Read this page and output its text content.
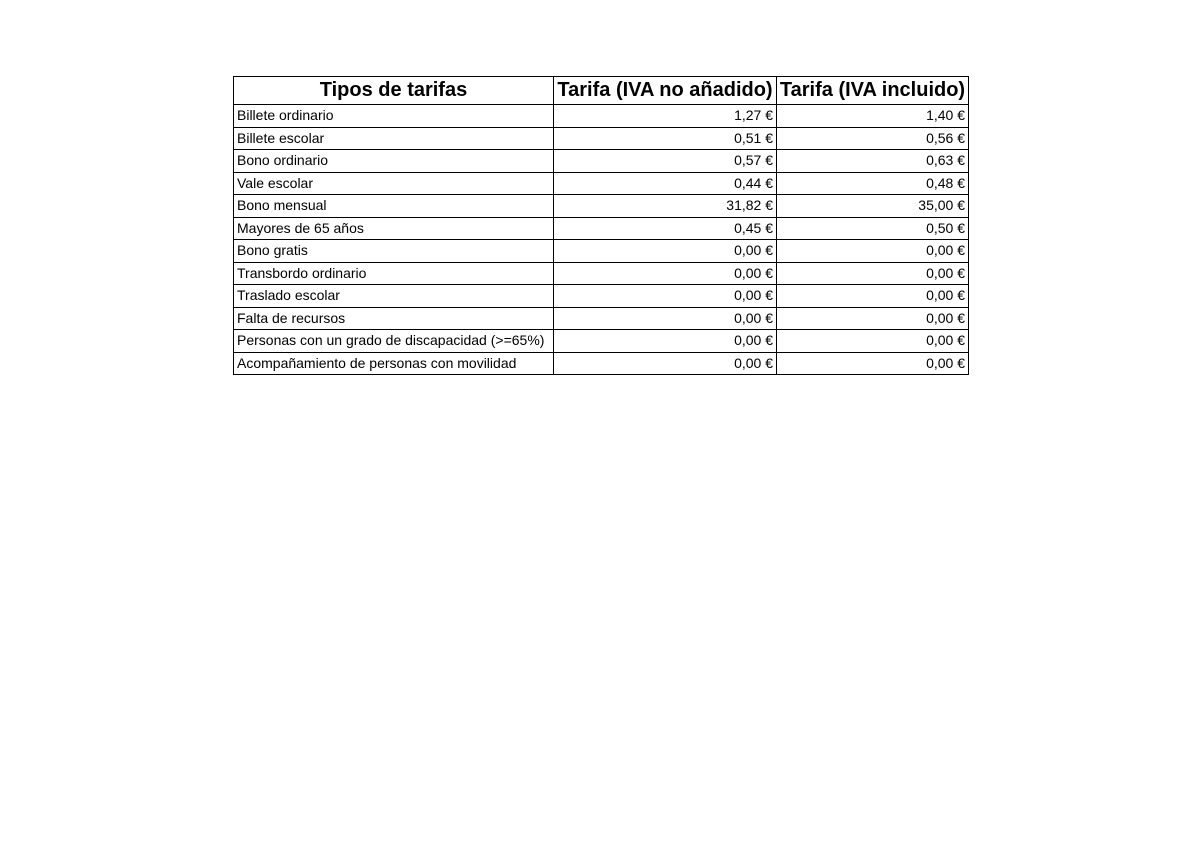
Tipos de tarifas	Tarifa (IVA no añadido)	Tarifa (IVA incluido)
Billete ordinario	1,27 €	1,40 €
Billete escolar	0,51 €	0,56 €
Bono ordinario	0,57 €	0,63 €
Vale escolar	0,44 €	0,48 €
Bono mensual	31,82 €	35,00 €
Mayores de 65 años	0,45 €	0,50 €
Bono gratis	0,00 €	0,00 €
Transbordo ordinario	0,00 €	0,00 €
Traslado escolar	0,00 €	0,00 €
Falta de recursos	0,00 €	0,00 €
Personas con un grado de discapacidad (>=65%)	0,00 €	0,00 €
Acompañamiento de personas con movilidad	0,00 €	0,00 €
